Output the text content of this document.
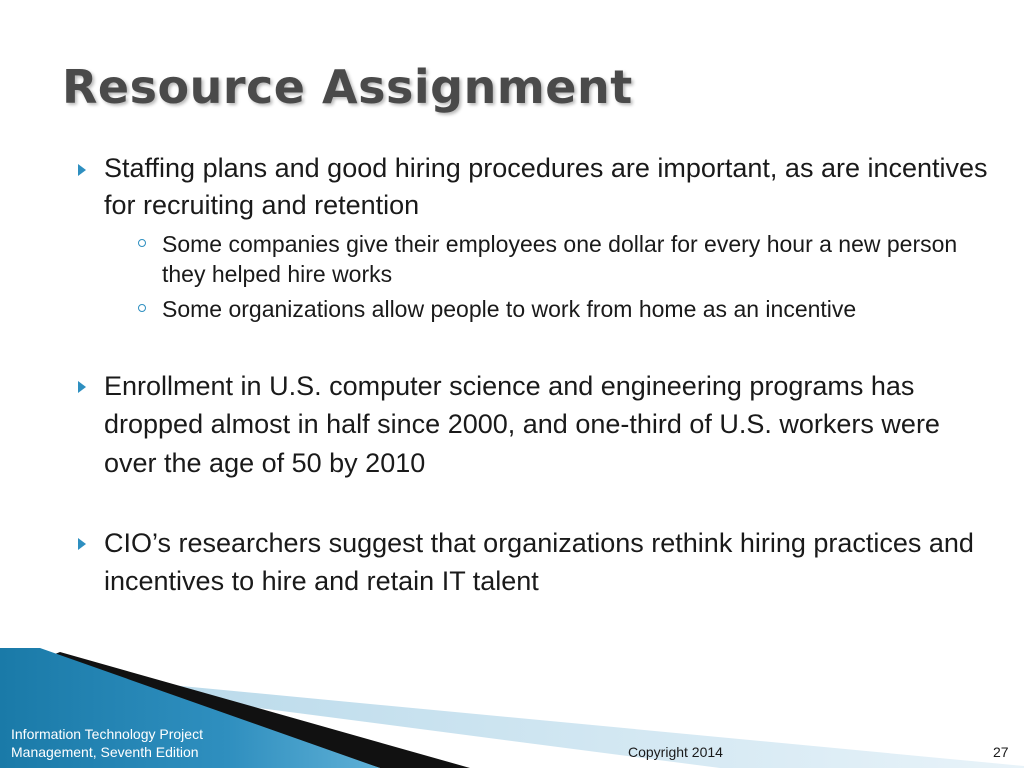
Resource Assignment
Staffing plans and good hiring procedures are important, as are incentives for recruiting and retention
Some companies give their employees one dollar for every hour a new person they helped hire works
Some organizations allow people to work from home as an incentive
Enrollment in U.S. computer science and engineering programs has dropped almost in half since 2000, and one-third of U.S. workers were over the age of 50 by 2010
CIO’s researchers suggest that organizations rethink hiring practices and incentives to hire and retain IT talent
Information Technology Project
Management, Seventh Edition	Copyright 2014	27
